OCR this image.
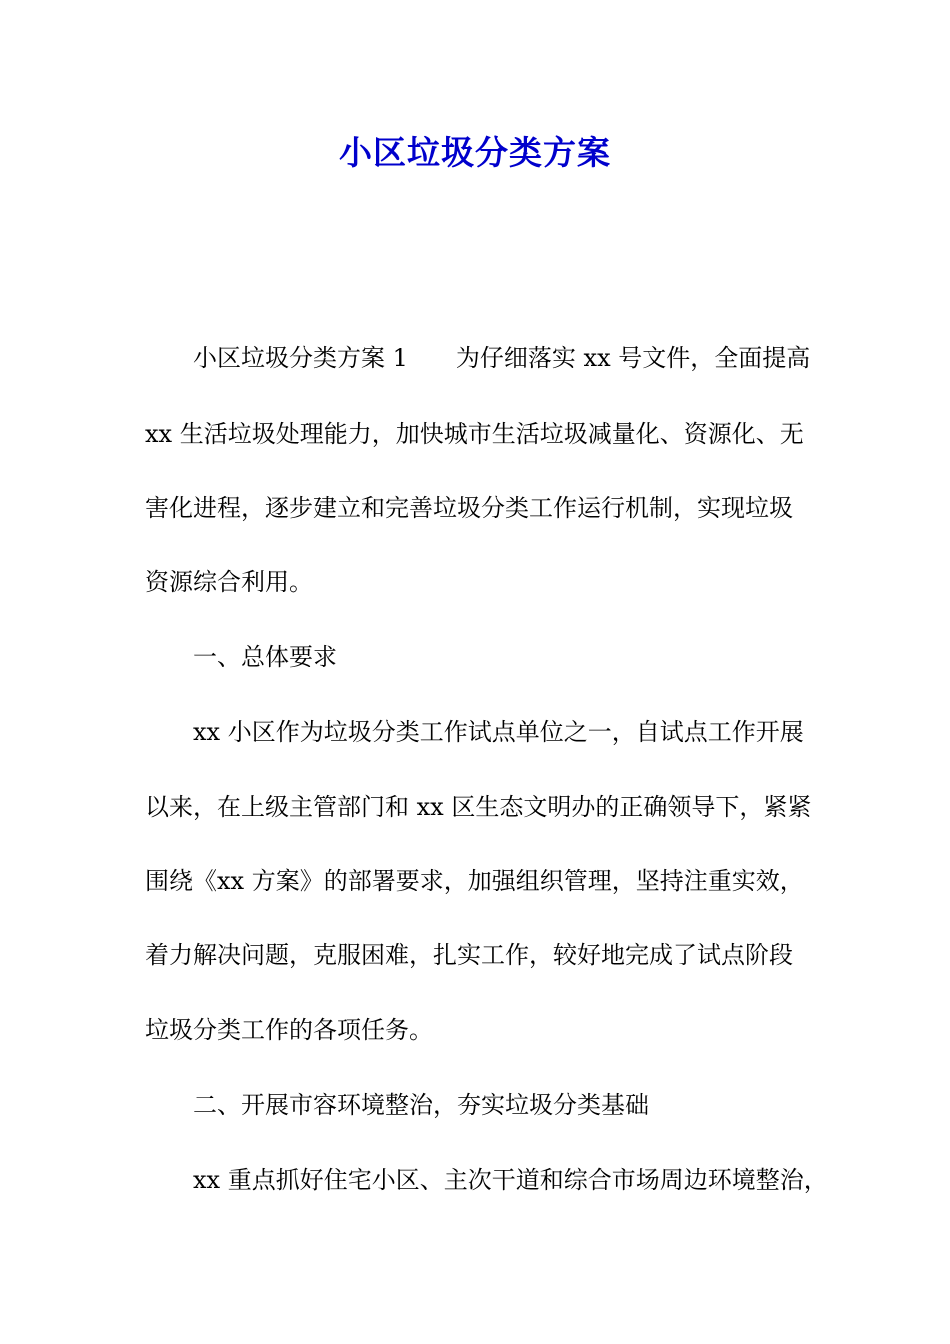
小区垃圾分类方案

小区垃圾分类方案 1 为仔细落实 xx 号文件，全面提高

xx 生活垃圾处理能力，加快城市生活垃圾减量化、资源化、无

害化进程，逐步建立和完善垃圾分类工作运行机制，实现垃圾

资源综合利用。

一、总体要求

xx 小区作为垃圾分类工作试点单位之一，自试点工作开展

以来，在上级主管部门和 xx 区生态文明办的正确领导下，紧紧

围绕《xx 方案》的部署要求，加强组织管理，坚持注重实效，

着力解决问题，克服困难，扎实工作，较好地完成了试点阶段

垃圾分类工作的各项任务。

二、开展市容环境整治，夯实垃圾分类基础

xx 重点抓好住宅小区、主次干道和综合市场周边环境整治，
